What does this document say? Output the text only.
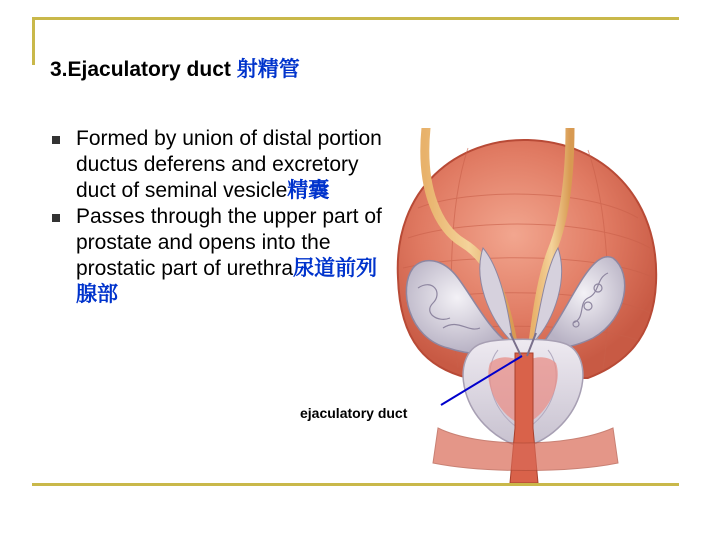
3.Ejaculatory duct 射精管
Formed by union of distal portion ductus deferens and excretory duct of seminal vesicle精囊
Passes through the upper part of prostate and opens into the prostatic part of urethra尿道前列腺部
ejaculatory duct
